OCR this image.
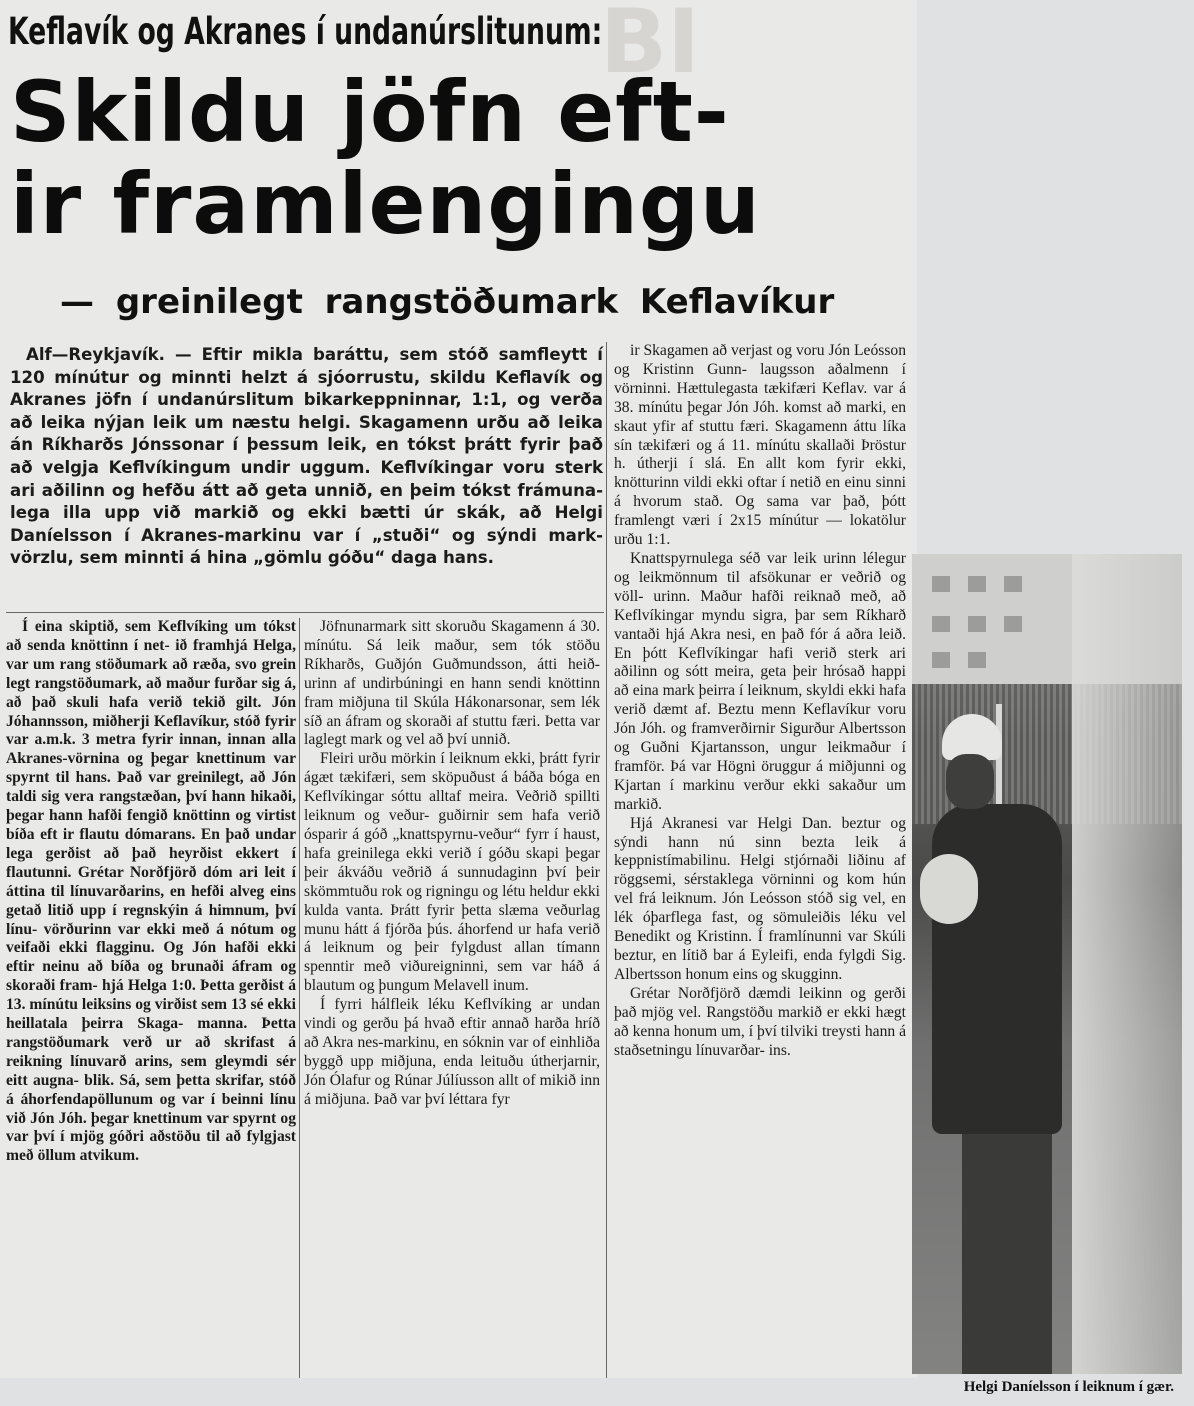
BI
Keflavík og Akranes í undanúrslitunum:
Skildu jöfn eft-
ir framlengingu
— greinilegt rangstöðumark Keflavíkur

Alf—Reykjavík. — Eftir mikla baráttu, sem stóð samfleytt í 120 mínútur og minnti helzt á sjóorrustu, skildu Keflavík og Akranes jöfn í undanúrslitum bikarkeppninnar, 1:1, og verða að leika nýjan leik um næstu helgi. Skagamenn urðu að leika án Ríkharðs Jónssonar í þessum leik, en tókst þrátt fyrir það að velgja Keflvíkingum undir uggum. Keflvíkingar voru sterk ari aðilinn og hefðu átt að geta unnið, en þeim tókst frámuna- lega illa upp við markið og ekki bætti úr skák, að Helgi Daníelsson í Akranes-markinu var í „stuði“ og sýndi mark- vörzlu, sem minnti á hina „gömlu góðu“ daga hans.

Í eina skiptið, sem Keflvíking um tókst að senda knöttinn í net- ið framhjá Helga, var um rang stöðumark að ræða, svo grein legt rangstöðumark, að maður furðar sig á, að það skuli hafa verið tekið gilt. Jón Jóhannsson, miðherji Keflavíkur, stóð fyrir var a.m.k. 3 metra fyrir innan, innan alla Akranes-vörnina og þegar knettinum var spyrnt til hans. Það var greinilegt, að Jón taldi sig vera rangstæðan, því hann hikaði, þegar hann hafði fengið knöttinn og virtist bíða eft ir flautu dómarans. En það undar lega gerðist að það heyrðist ekkert í flautunni. Grétar Norðfjörð dóm ari leit í áttina til línuvarðarins, en hefði alveg eins getað litið upp í regnskýin á himnum, því línu- vörðurinn var ekki með á nótum og veifaði ekki flagginu. Og Jón hafði ekki eftir neinu að bíða og brunaði áfram og skoraði fram- hjá Helga 1:0. Þetta gerðist á 13. mínútu leiksins og virðist sem 13 sé ekki heillatala þeirra Skaga- manna. Þetta rangstöðumark verð ur að skrifast á reikning línuvarð arins, sem gleymdi sér eitt augna- blik. Sá, sem þetta skrifar, stóð á áhorfendapöllunum og var í beinni línu við Jón Jóh. þegar knettinum var spyrnt og var því í mjög góðri aðstöðu til að fylgjast með öllum atvikum.

Jöfnunarmark sitt skoruðu Skagamenn á 30. mínútu. Sá leik maður, sem tók stöðu Ríkharðs, Guðjón Guðmundsson, átti heið- urinn af undirbúningi en hann sendi knöttinn fram miðjuna til Skúla Hákonarsonar, sem lék síð an áfram og skoraði af stuttu færi. Þetta var laglegt mark og vel að því unnið.

Fleiri urðu mörkin í leiknum ekki, þrátt fyrir ágæt tækifæri, sem sköpuðust á báða bóga en Keflvíkingar sóttu alltaf meira. Veðrið spillti leiknum og veður- guðirnir sem hafa verið ósparir á góð „knattspyrnu-veður“ fyrr í haust, hafa greinilega ekki verið í góðu skapi þegar þeir ákváðu veðrið á sunnudaginn því þeir skömmtuðu rok og rigningu og létu heldur ekki kulda vanta. Þrátt fyrir þetta slæma veðurlag munu hátt á fjórða þús. áhorfend ur hafa verið á leiknum og þeir fylgdust allan tímann spenntir með viðureigninni, sem var háð á blautum og þungum Melavell inum.

Í fyrri hálfleik léku Keflvíking ar undan vindi og gerðu þá hvað eftir annað harða hríð að Akra nes-markinu, en sóknin var of einhliða byggð upp miðjuna, enda leituðu útherjarnir, Jón Ólafur og Rúnar Júlíusson allt of mikið inn á miðjuna. Það var því léttara fyr

ir Skagamen að verjast og voru Jón Leósson og Kristinn Gunn- laugsson aðalmenn í vörninni. Hættulegasta tækifæri Keflav. var á 38. mínútu þegar Jón Jóh. komst að marki, en skaut yfir af stuttu færi. Skagamenn áttu líka sín tækifæri og á 11. mínútu skallaði Þröstur h. útherji í slá. En allt kom fyrir ekki, knötturinn vildi ekki oftar í netið en einu sinni á hvorum stað. Og sama var það, þótt framlengt væri í 2x15 mínútur — lokatölur urðu 1:1.

Knattspyrnulega séð var leik urinn lélegur og leikmönnum til afsökunar er veðrið og völl- urinn. Maður hafði reiknað með, að Keflvíkingar myndu sigra, þar sem Ríkharð vantaði hjá Akra nesi, en það fór á aðra leið. En þótt Keflvíkingar hafi verið sterk ari aðilinn og sótt meira, geta þeir hrósað happi að eina mark þeirra í leiknum, skyldi ekki hafa verið dæmt af. Beztu menn Keflavíkur voru Jón Jóh. og framverðirnir Sigurður Albertsson og Guðni Kjartansson, ungur leikmaður í framför. Þá var Högni öruggur á miðjunni og Kjartan í markinu verður ekki sakaður um markið.

Hjá Akranesi var Helgi Dan. beztur og sýndi hann nú sinn bezta leik á keppnistímabilinu. Helgi stjórnaði liðinu af röggsemi, sérstaklega vörninni og kom hún vel frá leiknum. Jón Leósson stóð sig vel, en lék óþarflega fast, og sömuleiðis léku vel Benedikt og Kristinn. Í framlínunni var Skúli beztur, en lítið bar á Eyleifi, enda fylgdi Sig. Albertsson honum eins og skugginn.

Grétar Norðfjörð dæmdi leikinn og gerði það mjög vel. Rangstöðu markið er ekki hægt að kenna honum um, í því tilviki treysti hann á staðsetningu línuvarðar- ins.

Helgi Daníelsson í leiknum í gær.
